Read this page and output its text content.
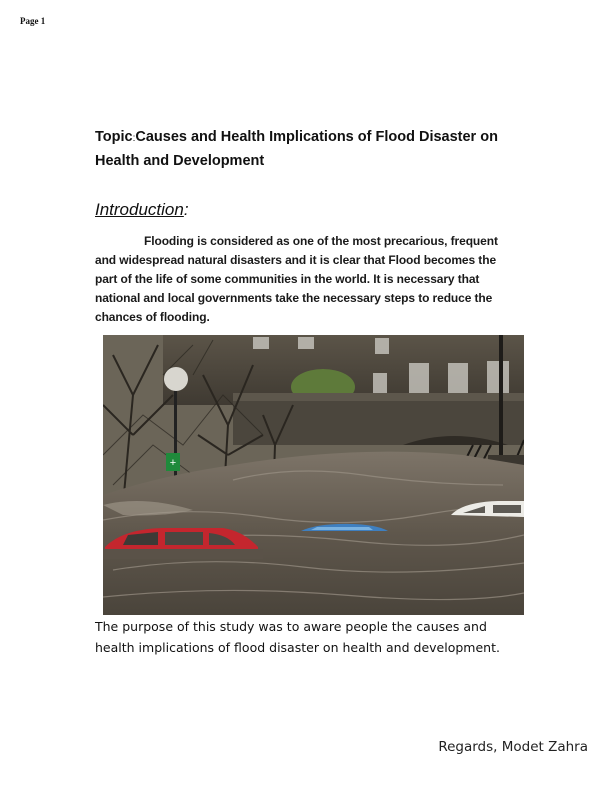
Page 1
Topic:Causes and Health Implications of Flood Disaster on Health and Development
Introduction:

Flooding is considered as one of the most precarious, frequent and widespread natural disasters and it is clear that Flood becomes the part of the life of some communities in the world. It is necessary that national and local governments take the necessary steps to reduce the chances of flooding.

+

The purpose of this study was to aware people the causes and health implications of flood disaster on health and development.

Regards, Modet Zahra
